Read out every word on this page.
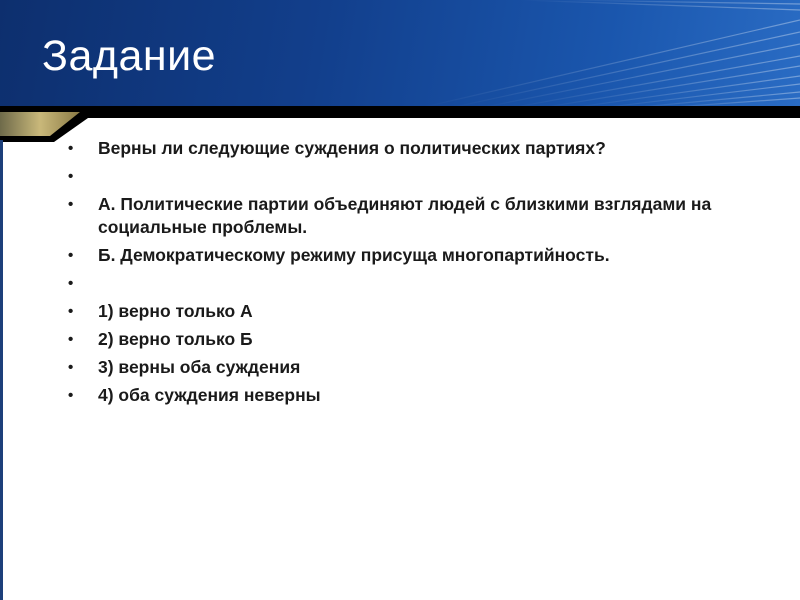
Задание
•	Верны ли следующие суждения о политических партиях?
•
•	А. Политические партии объединяют людей с близкими взглядами на социальные проблемы.
•	Б. Демократическому режиму присуща многопартийность.
•
•	1) верно только А
•	2) верно только Б
•	3) верны оба суждения
•	4) оба суждения неверны
